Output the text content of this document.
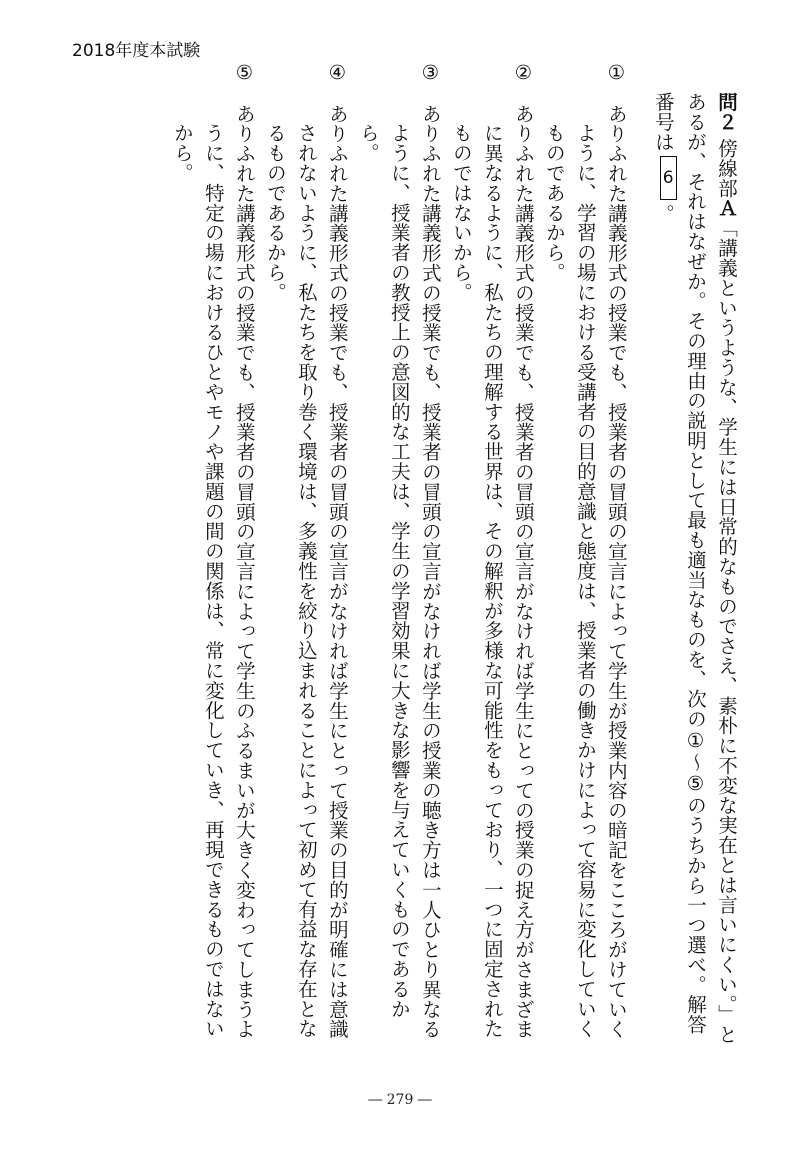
2018年度本試験
問２ 傍線部Ａ「講義というような、学生には日常的なものでさえ、素朴に不変な実在とは言いにくい。」とあるが、それはなぜか。その理由の説明として最も適当なものを、次の①～⑤のうちから一つ選べ。解答番号は6。
①ありふれた講義形式の授業でも、授業者の冒頭の宣言によって学生が授業内容の暗記をこころがけていくように、学習の場における受講者の目的意識と態度は、授業者の働きかけによって容易に変化していくものであるから。
②ありふれた講義形式の授業でも、授業者の冒頭の宣言がなければ学生にとっての授業の捉え方がさまざまに異なるように、私たちの理解する世界は、その解釈が多様な可能性をもっており、一つに固定されたものではないから。
③ありふれた講義形式の授業でも、授業者の冒頭の宣言がなければ学生の授業の聴き方は一人ひとり異なるように、授業者の教授上の意図的な工夫は、学生の学習効果に大きな影響を与えていくものであるから。
④ありふれた講義形式の授業でも、授業者の冒頭の宣言がなければ学生にとって授業の目的が明確には意識されないように、私たちを取り巻く環境は、多義性を絞り込まれることによって初めて有益な存在となるものであるから。
⑤ありふれた講義形式の授業でも、授業者の冒頭の宣言によって学生のふるまいが大きく変わってしまうように、特定の場におけるひとやモノや課題の間の関係は、常に変化していき、再現できるものではないから。
― 279 ―
